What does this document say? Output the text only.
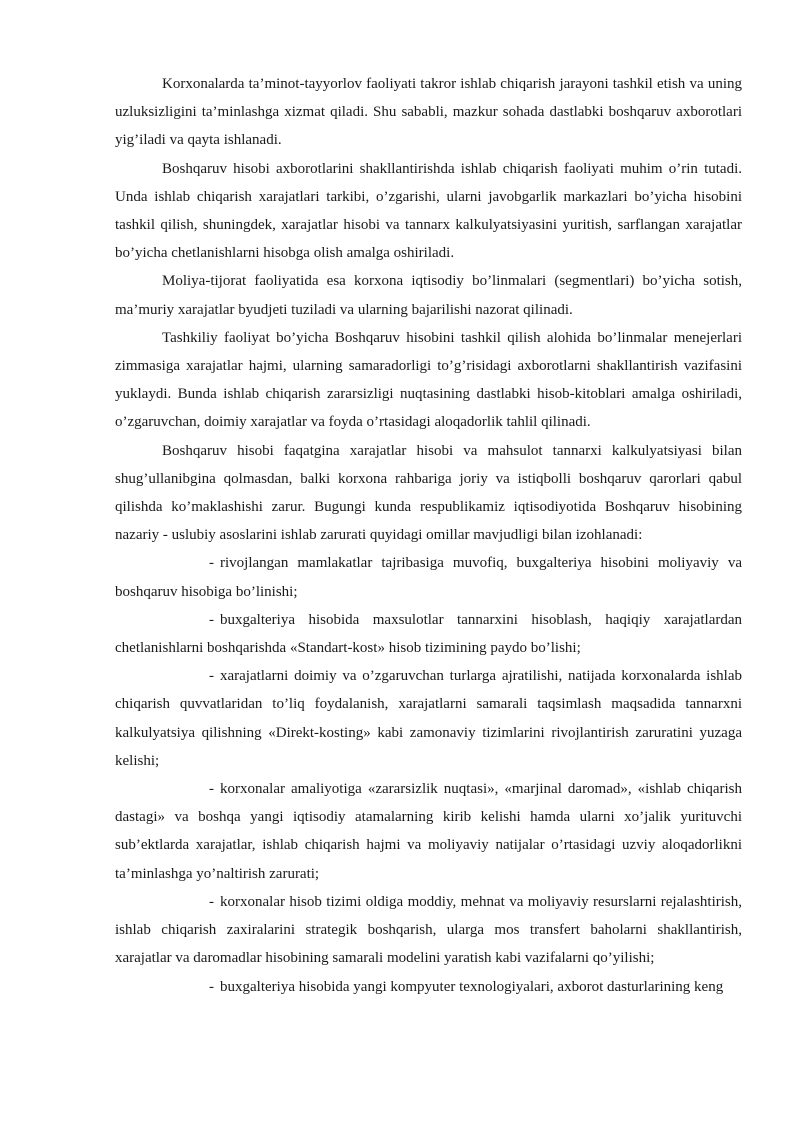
Korxonalarda ta’minot-tayyorlov faoliyati takror ishlab chiqarish jarayoni tashkil etish va uning uzluksizligini ta’minlashga xizmat qiladi. Shu sababli, mazkur sohada dastlabki boshqaruv axborotlari yig’iladi va qayta ishlanadi.

Boshqaruv hisobi axborotlarini shakllantirishda ishlab chiqarish faoliyati muhim o’rin tutadi. Unda ishlab chiqarish xarajatlari tarkibi, o’zgarishi, ularni javobgarlik markazlari bo’yicha hisobini tashkil qilish, shuningdek, xarajatlar hisobi va tannarx kalkulyatsiyasini yuritish, sarflangan xarajatlar bo’yicha chetlanishlarni hisobga olish amalga oshiriladi.

Moliya-tijorat faoliyatida esa korxona iqtisodiy bo’linmalari (segmentlari) bo’yicha sotish, ma’muriy xarajatlar byudjeti tuziladi va ularning bajarilishi nazorat qilinadi.

Tashkiliy faoliyat bo’yicha Boshqaruv hisobini tashkil qilish alohida bo’linmalar menejerlari zimmasiga xarajatlar hajmi, ularning samaradorligi to’g’risidagi axborotlarni shakllantirish vazifasini yuklaydi. Bunda ishlab chiqarish zararsizligi nuqtasining dastlabki hisob-kitoblari amalga oshiriladi, o’zgaruvchan, doimiy xarajatlar va foyda o’rtasidagi aloqadorlik tahlil qilinadi.

Boshqaruv hisobi faqatgina xarajatlar hisobi va mahsulot tannarxi kalkulyatsiyasi bilan shug’ullanibgina qolmasdan, balki korxona rahbariga joriy va istiqbolli boshqaruv qarorlari qabul qilishda ko’maklashishi zarur. Bugungi kunda respublikamiz iqtisodiyotida Boshqaruv hisobining nazariy - uslubiy asoslarini ishlab zarurati quyidagi omillar mavjudligi bilan izohlanadi:

- rivojlangan mamlakatlar tajribasiga muvofiq, buxgalteriya hisobini moliyaviy va boshqaruv hisobiga bo’linishi;

- buxgalteriya hisobida maxsulotlar tannarxini hisoblash, haqiqiy xarajatlardan chetlanishlarni boshqarishda «Standart-kost» hisob tizimining paydo bo’lishi;

- xarajatlarni doimiy va o’zgaruvchan turlarga ajratilishi, natijada korxonalarda ishlab chiqarish quvvatlaridan to’liq foydalanish, xarajatlarni samarali taqsimlash maqsadida tannarxni kalkulyatsiya qilishning «Direkt-kosting» kabi zamonaviy tizimlarini rivojlantirish zaruratini yuzaga kelishi;

- korxonalar amaliyotiga «zararsizlik nuqtasi», «marjinal daromad», «ishlab chiqarish dastagi» va boshqa yangi iqtisodiy atamalarning kirib kelishi hamda ularni xo’jalik yurituvchi sub’ektlarda xarajatlar, ishlab chiqarish hajmi va moliyaviy natijalar o’rtasidagi uzviy aloqadorlikni ta’minlashga yo’naltirish zarurati;

- korxonalar hisob tizimi oldiga moddiy, mehnat va moliyaviy resurslarni rejalashtirish, ishlab chiqarish zaxiralarini strategik boshqarish, ularga mos transfert baholarni shakllantirish, xarajatlar va daromadlar hisobining samarali modelini yaratish kabi vazifalarni qo’yilishi;

- buxgalteriya hisobida yangi kompyuter texnologiyalari, axborot dasturlarining keng
